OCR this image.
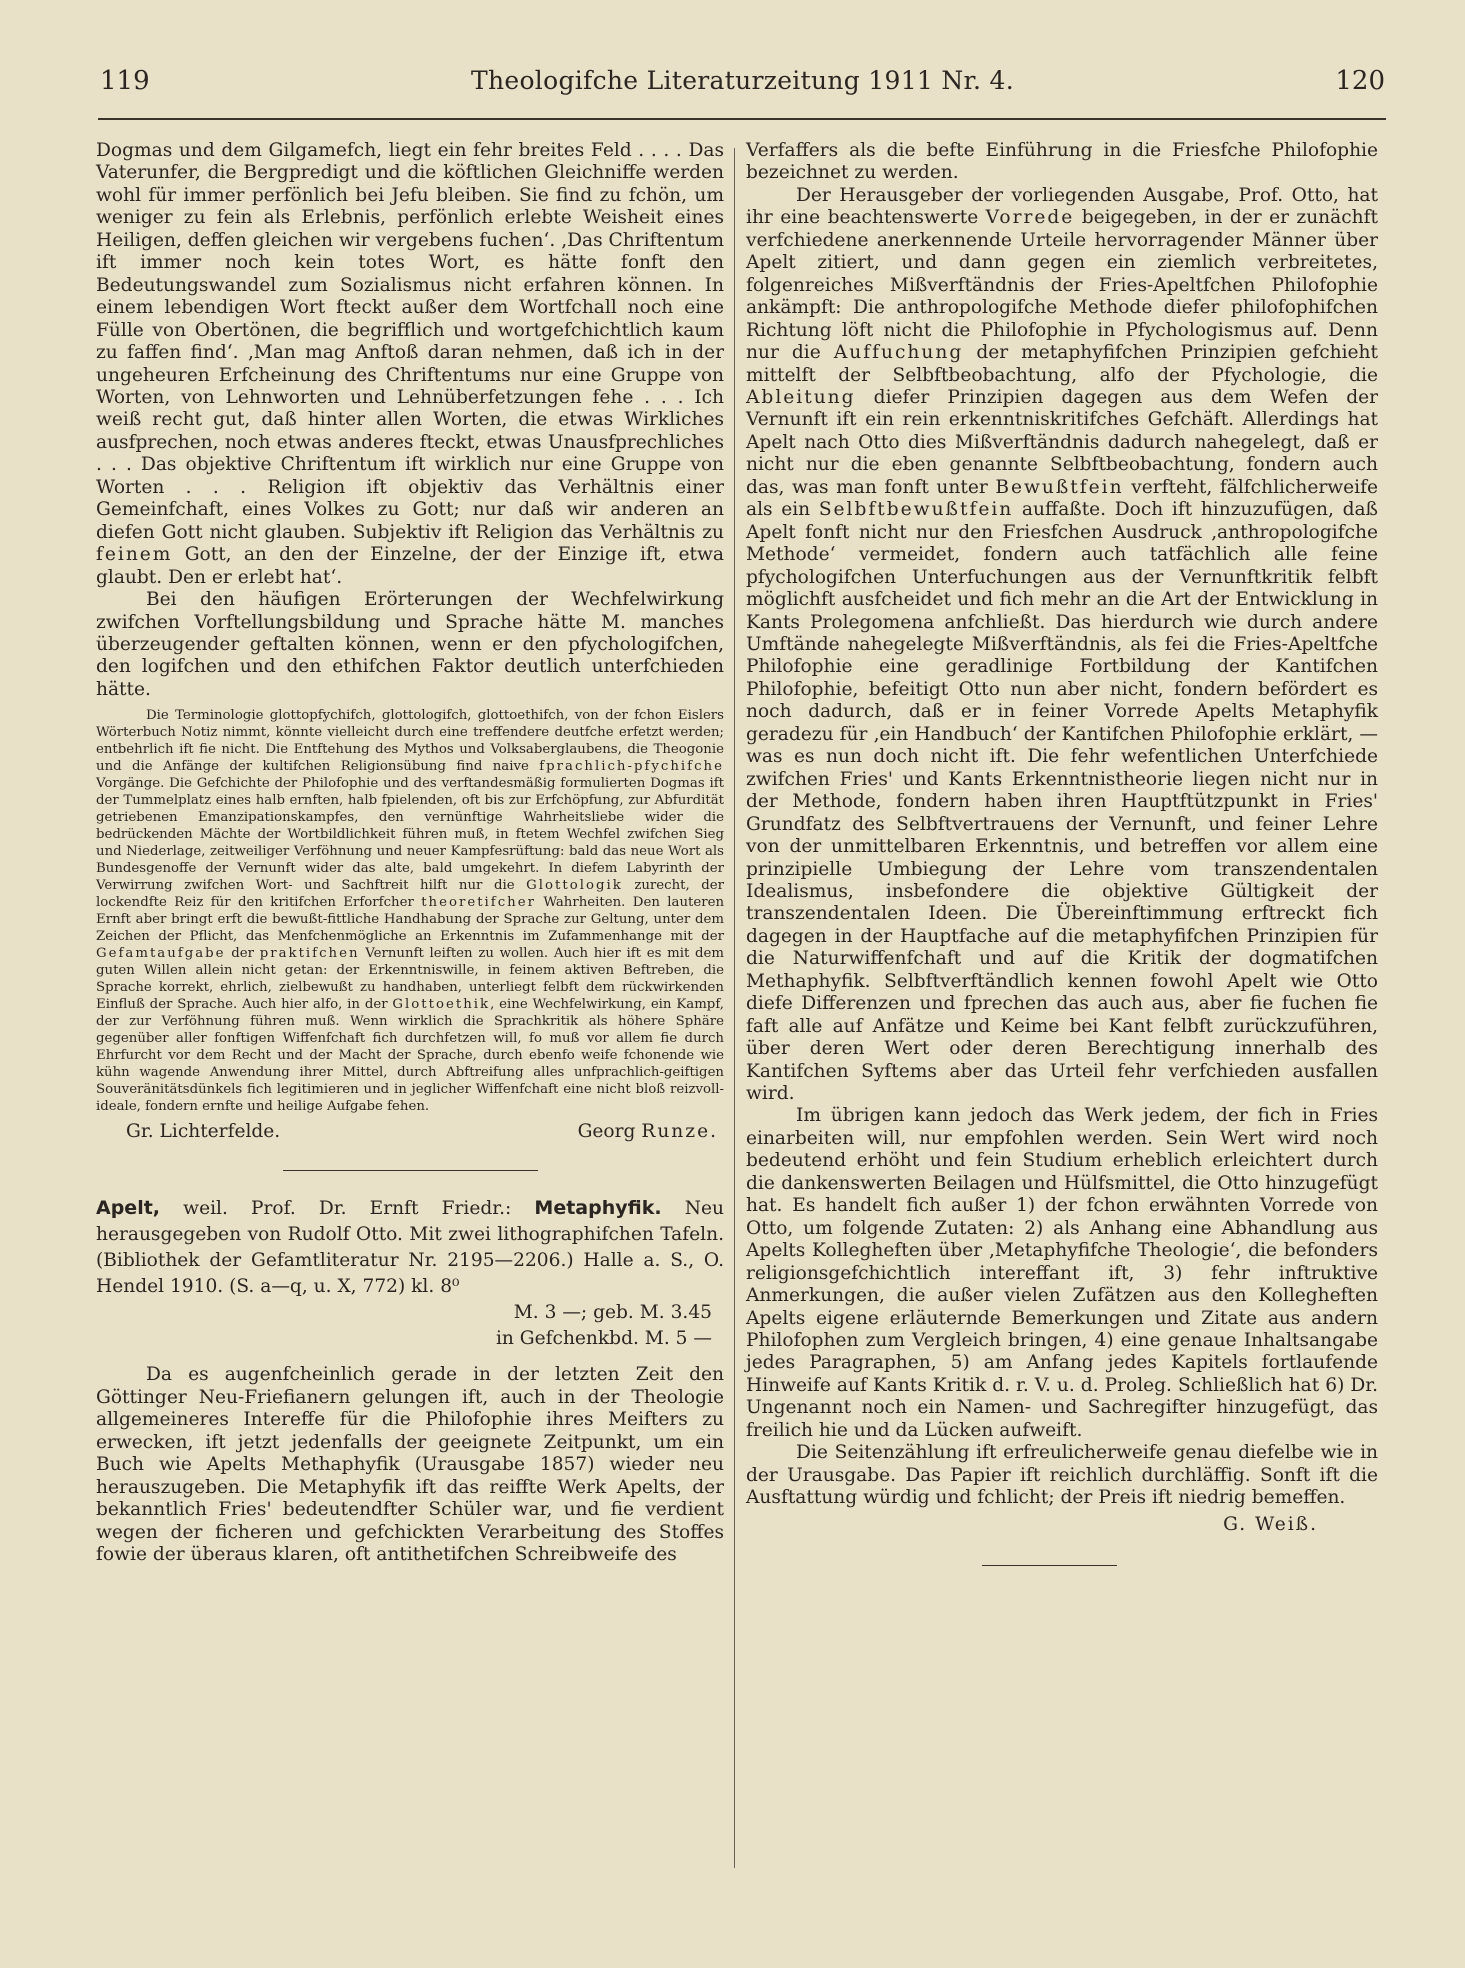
119	Theologifche Literaturzeitung 1911 Nr. 4.	120

Dogmas und dem Gilgamefch, liegt ein fehr breites Feld . . . . Das Vaterunfer, die Bergpredigt und die köftlichen Gleichniffe werden wohl für immer perfönlich bei Jefu bleiben. Sie find zu fchön, um weniger zu fein als Erlebnis, perfönlich erlebte Weisheit eines Heiligen, deffen gleichen wir vergebens fuchen‘. ‚Das Chriftentum ift immer noch kein totes Wort, es hätte fonft den Bedeutungswandel zum Sozialismus nicht erfahren können. In einem lebendigen Wort fteckt außer dem Wortfchall noch eine Fülle von Obertönen, die begrifflich und wortgefchichtlich kaum zu faffen find‘. ‚Man mag Anftoß daran nehmen, daß ich in der ungeheuren Erfcheinung des Chriftentums nur eine Gruppe von Worten, von Lehnworten und Lehnüberfetzungen fehe . . . Ich weiß recht gut, daß hinter allen Worten, die etwas Wirkliches ausfprechen, noch etwas anderes fteckt, etwas Unausfprechliches . . . Das objektive Chriftentum ift wirklich nur eine Gruppe von Worten . . . Religion ift objektiv das Verhältnis einer Gemeinfchaft, eines Volkes zu Gott; nur daß wir anderen an diefen Gott nicht glauben. Subjektiv ift Religion das Verhältnis zu feinem Gott, an den der Einzelne, der der Einzige ift, etwa glaubt. Den er erlebt hat‘.

Bei den häufigen Erörterungen der Wechfelwirkung zwifchen Vorftellungsbildung und Sprache hätte M. manches überzeugender geftalten können, wenn er den pfychologifchen, den logifchen und den ethifchen Faktor deutlich unterfchieden hätte.

Die Terminologie glottopfychifch, glottologifch, glottoethifch, von der fchon Eislers Wörterbuch Notiz nimmt, könnte vielleicht durch eine treffendere deutfche erfetzt werden; entbehrlich ift fie nicht. Die Entftehung des Mythos und Volksaberglaubens, die Theogonie und die Anfänge der kultifchen Religionsübung find naive fprachlich-pfychifche Vorgänge. Die Gefchichte der Philofophie und des verftandesmäßig formulierten Dogmas ift der Tummelplatz eines halb ernften, halb fpielenden, oft bis zur Erfchöpfung, zur Abfurdität getriebenen Emanzipationskampfes, den vernünftige Wahrheitsliebe wider die bedrückenden Mächte der Wortbildlichkeit führen muß, in ftetem Wechfel zwifchen Sieg und Niederlage, zeitweiliger Verföhnung und neuer Kampfesrüftung: bald das neue Wort als Bundesgenoffe der Vernunft wider das alte, bald umgekehrt. In diefem Labyrinth der Verwirrung zwifchen Wort- und Sachftreit hilft nur die Glottologik zurecht, der lockendfte Reiz für den kritifchen Erforfcher theoretifcher Wahrheiten. Den lauteren Ernft aber bringt erft die bewußt-fittliche Handhabung der Sprache zur Geltung, unter dem Zeichen der Pflicht, das Menfchenmögliche an Erkenntnis im Zufammenhange mit der Gefamtaufgabe der praktifchen Vernunft leiften zu wollen. Auch hier ift es mit dem guten Willen allein nicht getan: der Erkenntniswille, in feinem aktiven Beftreben, die Sprache korrekt, ehrlich, zielbewußt zu handhaben, unterliegt felbft dem rückwirkenden Einfluß der Sprache. Auch hier alfo, in der Glottoethik, eine Wechfelwirkung, ein Kampf, der zur Verföhnung führen muß. Wenn wirklich die Sprachkritik als höhere Sphäre gegenüber aller fonftigen Wiffenfchaft fich durchfetzen will, fo muß vor allem fie durch Ehrfurcht vor dem Recht und der Macht der Sprache, durch ebenfo weife fchonende wie kühn wagende Anwendung ihrer Mittel, durch Abftreifung alles unfprachlich-geiftigen Souveränitätsdünkels fich legitimieren und in jeglicher Wiffenfchaft eine nicht bloß reizvoll-ideale, fondern ernfte und heilige Aufgabe fehen.

Gr. Lichterfelde.	Georg Runze.

Apelt, weil. Prof. Dr. Ernft Friedr.: Metaphyfik. Neu herausgegeben von Rudolf Otto. Mit zwei lithographifchen Tafeln. (Bibliothek der Gefamtliteratur Nr. 2195—2206.) Halle a. S., O. Hendel 1910. (S. a—q, u. X, 772) kl. 8⁰
M. 3 —; geb. M. 3.45
in Gefchenkbd. M. 5 —

Da es augenfcheinlich gerade in der letzten Zeit den Göttinger Neu-Friefianern gelungen ift, auch in der Theologie allgemeineres Intereffe für die Philofophie ihres Meifters zu erwecken, ift jetzt jedenfalls der geeignete Zeitpunkt, um ein Buch wie Apelts Methaphyfik (Urausgabe 1857) wieder neu herauszugeben. Die Metaphyfik ift das reiffte Werk Apelts, der bekanntlich Fries' bedeutendfter Schüler war, und fie verdient wegen der ficheren und gefchickten Verarbeitung des Stoffes fowie der überaus klaren, oft antithetifchen Schreibweife des

Verfaffers als die befte Einführung in die Friesfche Philofophie bezeichnet zu werden.

Der Herausgeber der vorliegenden Ausgabe, Prof. Otto, hat ihr eine beachtenswerte Vorrede beigegeben, in der er zunächft verfchiedene anerkennende Urteile hervorragender Männer über Apelt zitiert, und dann gegen ein ziemlich verbreitetes, folgenreiches Mißverftändnis der Fries-Apeltfchen Philofophie ankämpft: Die anthropologifche Methode diefer philofophifchen Richtung löft nicht die Philofophie in Pfychologismus auf. Denn nur die Auffuchung der metaphyfifchen Prinzipien gefchieht mittelft der Selbftbeobachtung, alfo der Pfychologie, die Ableitung diefer Prinzipien dagegen aus dem Wefen der Vernunft ift ein rein erkenntniskritifches Gefchäft. Allerdings hat Apelt nach Otto dies Mißverftändnis dadurch nahegelegt, daß er nicht nur die eben genannte Selbftbeobachtung, fondern auch das, was man fonft unter Bewußtfein verfteht, fälfchlicherweife als ein Selbftbewußtfein auffaßte. Doch ift hinzuzufügen, daß Apelt fonft nicht nur den Friesfchen Ausdruck ‚anthropologifche Methode‘ vermeidet, fondern auch tatfächlich alle feine pfychologifchen Unterfuchungen aus der Vernunftkritik felbft möglichft ausfcheidet und fich mehr an die Art der Entwicklung in Kants Prolegomena anfchließt. Das hierdurch wie durch andere Umftände nahegelegte Mißverftändnis, als fei die Fries-Apeltfche Philofophie eine geradlinige Fortbildung der Kantifchen Philofophie, befeitigt Otto nun aber nicht, fondern befördert es noch dadurch, daß er in feiner Vorrede Apelts Metaphyfik geradezu für ‚ein Handbuch‘ der Kantifchen Philofophie erklärt, — was es nun doch nicht ift. Die fehr wefentlichen Unterfchiede zwifchen Fries' und Kants Erkenntnistheorie liegen nicht nur in der Methode, fondern haben ihren Hauptftützpunkt in Fries' Grundfatz des Selbftvertrauens der Vernunft, und feiner Lehre von der unmittelbaren Erkenntnis, und betreffen vor allem eine prinzipielle Umbiegung der Lehre vom transzendentalen Idealismus, insbefondere die objektive Gültigkeit der transzendentalen Ideen. Die Übereinftimmung erftreckt fich dagegen in der Hauptfache auf die metaphyfifchen Prinzipien für die Naturwiffenfchaft und auf die Kritik der dogmatifchen Methaphyfik. Selbftverftändlich kennen fowohl Apelt wie Otto diefe Differenzen und fprechen das auch aus, aber fie fuchen fie faft alle auf Anfätze und Keime bei Kant felbft zurückzuführen, über deren Wert oder deren Berechtigung innerhalb des Kantifchen Syftems aber das Urteil fehr verfchieden ausfallen wird.

Im übrigen kann jedoch das Werk jedem, der fich in Fries einarbeiten will, nur empfohlen werden. Sein Wert wird noch bedeutend erhöht und fein Studium erheblich erleichtert durch die dankenswerten Beilagen und Hülfsmittel, die Otto hinzugefügt hat. Es handelt fich außer 1) der fchon erwähnten Vorrede von Otto, um folgende Zutaten: 2) als Anhang eine Abhandlung aus Apelts Kollegheften über ‚Metaphyfifche Theologie‘, die befonders religionsgefchichtlich intereffant ift, 3) fehr inftruktive Anmerkungen, die außer vielen Zufätzen aus den Kollegheften Apelts eigene erläuternde Bemerkungen und Zitate aus andern Philofophen zum Vergleich bringen, 4) eine genaue Inhaltsangabe jedes Paragraphen, 5) am Anfang jedes Kapitels fortlaufende Hinweife auf Kants Kritik d. r. V. u. d. Proleg. Schließlich hat 6) Dr. Ungenannt noch ein Namen- und Sachregifter hinzugefügt, das freilich hie und da Lücken aufweift.

Die Seitenzählung ift erfreulicherweife genau diefelbe wie in der Urausgabe. Das Papier ift reichlich durchläffig. Sonft ift die Ausftattung würdig und fchlicht; der Preis ift niedrig bemeffen.

G. Weiß.
